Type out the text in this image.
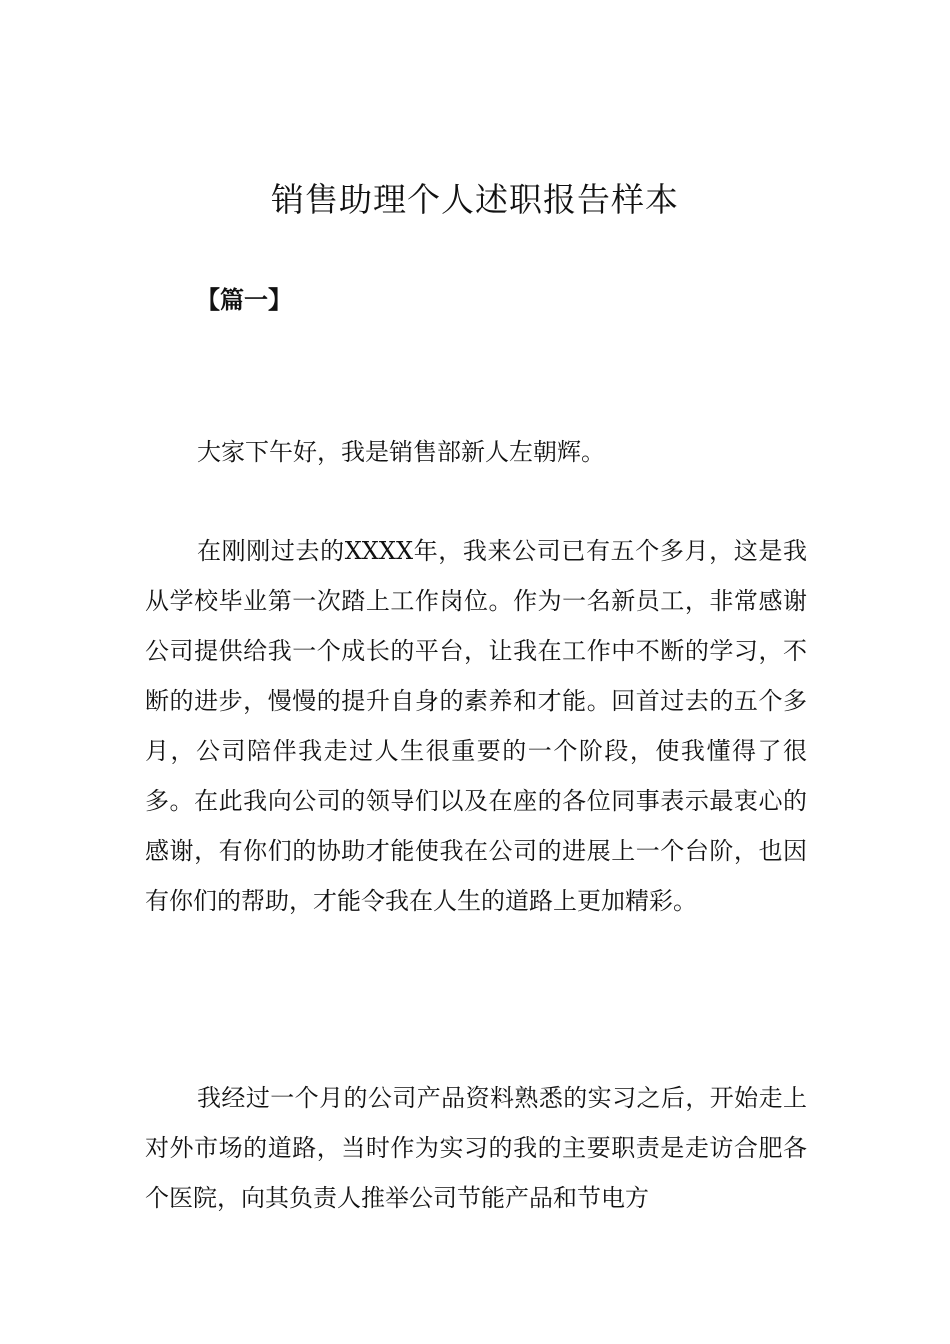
销售助理个人述职报告样本
【篇一】

大家下午好，我是销售部新人左朝辉。

在刚刚过去的XXXX年，我来公司已有五个多月，这是我从学校毕业第一次踏上工作岗位。作为一名新员工，非常感谢公司提供给我一个成长的平台，让我在工作中不断的学习，不断的进步，慢慢的提升自身的素养和才能。回首过去的五个多月，公司陪伴我走过人生很重要的一个阶段，使我懂得了很多。在此我向公司的领导们以及在座的各位同事表示最衷心的感谢，有你们的协助才能使我在公司的进展上一个台阶，也因有你们的帮助，才能令我在人生的道路上更加精彩。

我经过一个月的公司产品资料熟悉的实习之后，开始走上对外市场的道路，当时作为实习的我的主要职责是走访合肥各个医院，向其负责人推举公司节能产品和节电方
